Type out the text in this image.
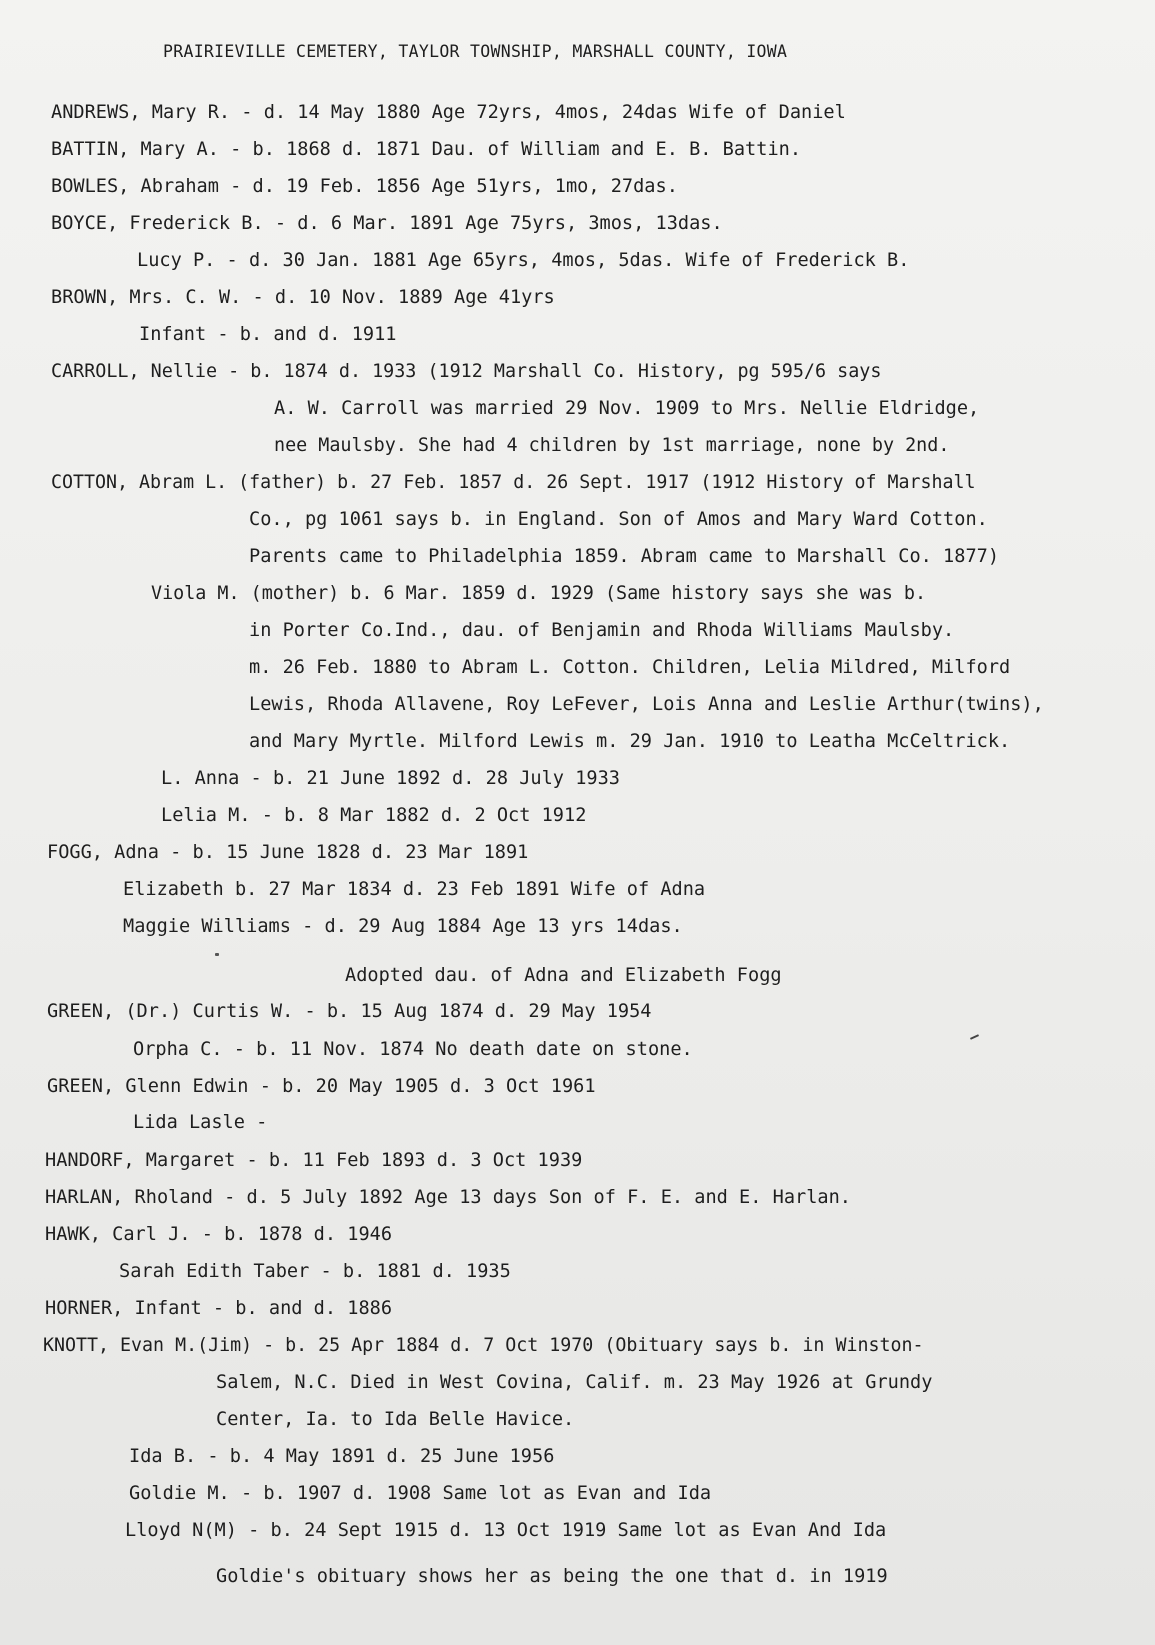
PRAIRIEVILLE CEMETERY, TAYLOR TOWNSHIP, MARSHALL COUNTY, IOWA
ANDREWS, Mary R. - d. 14 May 1880 Age 72yrs, 4mos, 24das Wife of Daniel
BATTIN, Mary A. - b. 1868 d. 1871 Dau. of William and E. B. Battin.
BOWLES, Abraham - d. 19 Feb. 1856 Age 51yrs, 1mo, 27das.
BOYCE, Frederick B. - d. 6 Mar. 1891 Age 75yrs, 3mos, 13das.
Lucy P. - d. 30 Jan. 1881 Age 65yrs, 4mos, 5das. Wife of Frederick B.
BROWN, Mrs. C. W. - d. 10 Nov. 1889 Age 41yrs
Infant - b. and d. 1911
CARROLL, Nellie - b. 1874 d. 1933 (1912 Marshall Co. History, pg 595/6 says
A. W. Carroll was married 29 Nov. 1909 to Mrs. Nellie Eldridge,
nee Maulsby. She had 4 children by 1st marriage, none by 2nd.
COTTON, Abram L. (father) b. 27 Feb. 1857 d. 26 Sept. 1917 (1912 History of Marshall
Co., pg 1061 says b. in England. Son of Amos and Mary Ward Cotton.
Parents came to Philadelphia 1859. Abram came to Marshall Co. 1877)
Viola M. (mother) b. 6 Mar. 1859 d. 1929 (Same history says she was b.
in Porter Co.Ind., dau. of Benjamin and Rhoda Williams Maulsby.
m. 26 Feb. 1880 to Abram L. Cotton. Children, Lelia Mildred, Milford
Lewis, Rhoda Allavene, Roy LeFever, Lois Anna and Leslie Arthur(twins),
and Mary Myrtle. Milford Lewis m. 29 Jan. 1910 to Leatha McCeltrick.
L. Anna - b. 21 June 1892 d. 28 July 1933
Lelia M. - b. 8 Mar 1882 d. 2 Oct 1912
FOGG, Adna - b. 15 June 1828 d. 23 Mar 1891
Elizabeth b. 27 Mar 1834 d. 23 Feb 1891 Wife of Adna
Maggie Williams - d. 29 Aug 1884 Age 13 yrs 14das.
Adopted dau. of Adna and Elizabeth Fogg
GREEN, (Dr.) Curtis W. - b. 15 Aug 1874 d. 29 May 1954
Orpha C. - b. 11 Nov. 1874 No death date on stone.
GREEN, Glenn Edwin - b. 20 May 1905 d. 3 Oct 1961
Lida Lasle -
HANDORF, Margaret - b. 11 Feb 1893 d. 3 Oct 1939
HARLAN, Rholand - d. 5 July 1892 Age 13 days Son of F. E. and E. Harlan.
HAWK, Carl J. - b. 1878 d. 1946
Sarah Edith Taber - b. 1881 d. 1935
HORNER, Infant - b. and d. 1886
KNOTT, Evan M.(Jim) - b. 25 Apr 1884 d. 7 Oct 1970 (Obituary says b. in Winston-
Salem, N.C. Died in West Covina, Calif. m. 23 May 1926 at Grundy
Center, Ia. to Ida Belle Havice.
Ida B. - b. 4 May 1891 d. 25 June 1956
Goldie M. - b. 1907 d. 1908 Same lot as Evan and Ida
Lloyd N(M) - b. 24 Sept 1915 d. 13 Oct 1919 Same lot as Evan And Ida
Goldie's obituary shows her as being the one that d. in 1919
